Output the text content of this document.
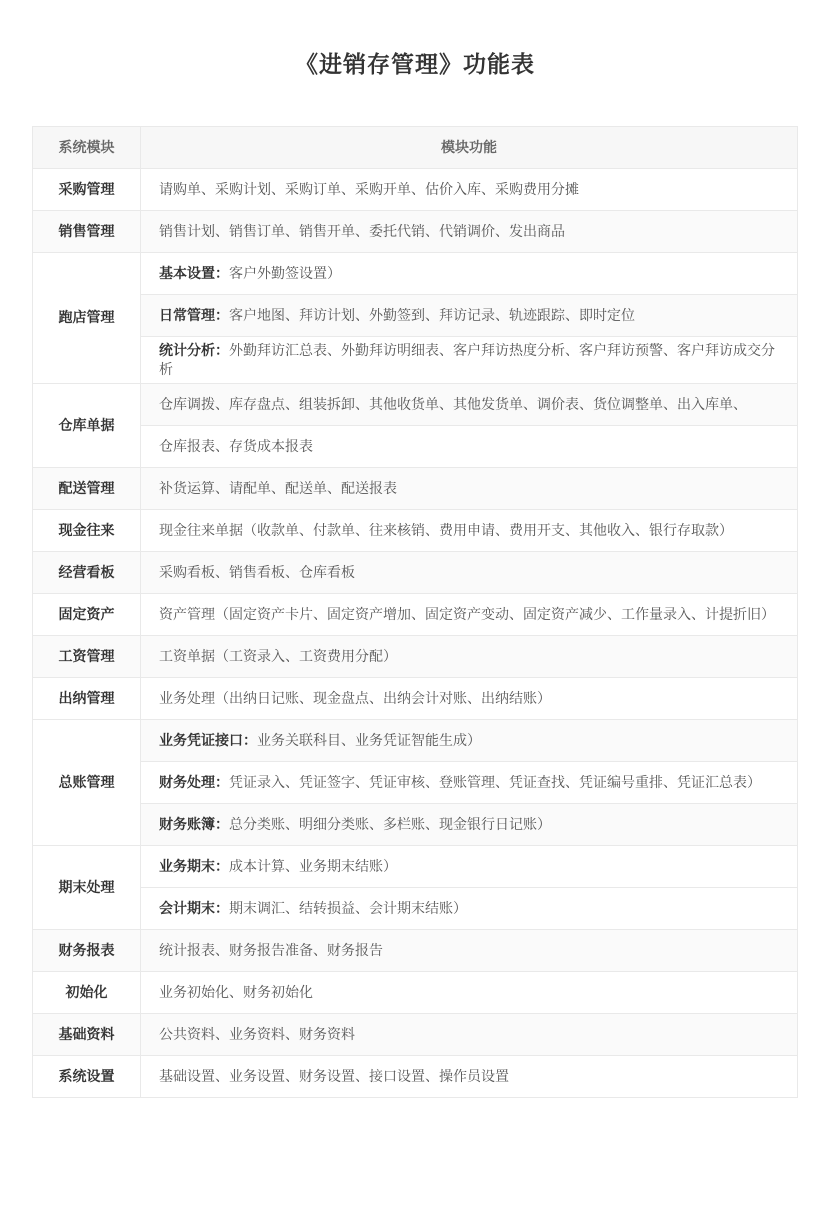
《进销存管理》功能表
系统模块	模块功能
采购管理	请购单、采购计划、采购订单、采购开单、估价入库、采购费用分摊
销售管理	销售计划、销售订单、销售开单、委托代销、代销调价、发出商品
跑店管理	基本设置：客户外勤签设置）
	日常管理：客户地图、拜访计划、外勤签到、拜访记录、轨迹跟踪、即时定位
	统计分析：外勤拜访汇总表、外勤拜访明细表、客户拜访热度分析、客户拜访预警、客户拜访成交分析
仓库单据	仓库调拨、库存盘点、组装拆卸、其他收货单、其他发货单、调价表、货位调整单、出入库单、
	仓库报表、存货成本报表
配送管理	补货运算、请配单、配送单、配送报表
现金往来	现金往来单据（收款单、付款单、往来核销、费用申请、费用开支、其他收入、银行存取款）
经营看板	采购看板、销售看板、仓库看板
固定资产	资产管理（固定资产卡片、固定资产增加、固定资产变动、固定资产减少、工作量录入、计提折旧）
工资管理	工资单据（工资录入、工资费用分配）
出纳管理	业务处理（出纳日记账、现金盘点、出纳会计对账、出纳结账）
总账管理	业务凭证接口：业务关联科目、业务凭证智能生成）
	财务处理：凭证录入、凭证签字、凭证审核、登账管理、凭证查找、凭证编号重排、凭证汇总表）
	财务账簿：总分类账、明细分类账、多栏账、现金银行日记账）
期末处理	业务期末：成本计算、业务期末结账）
	会计期末：期末调汇、结转损益、会计期末结账）
财务报表	统计报表、财务报告准备、财务报告
初始化	业务初始化、财务初始化
基础资料	公共资料、业务资料、财务资料
系统设置	基础设置、业务设置、财务设置、接口设置、操作员设置
